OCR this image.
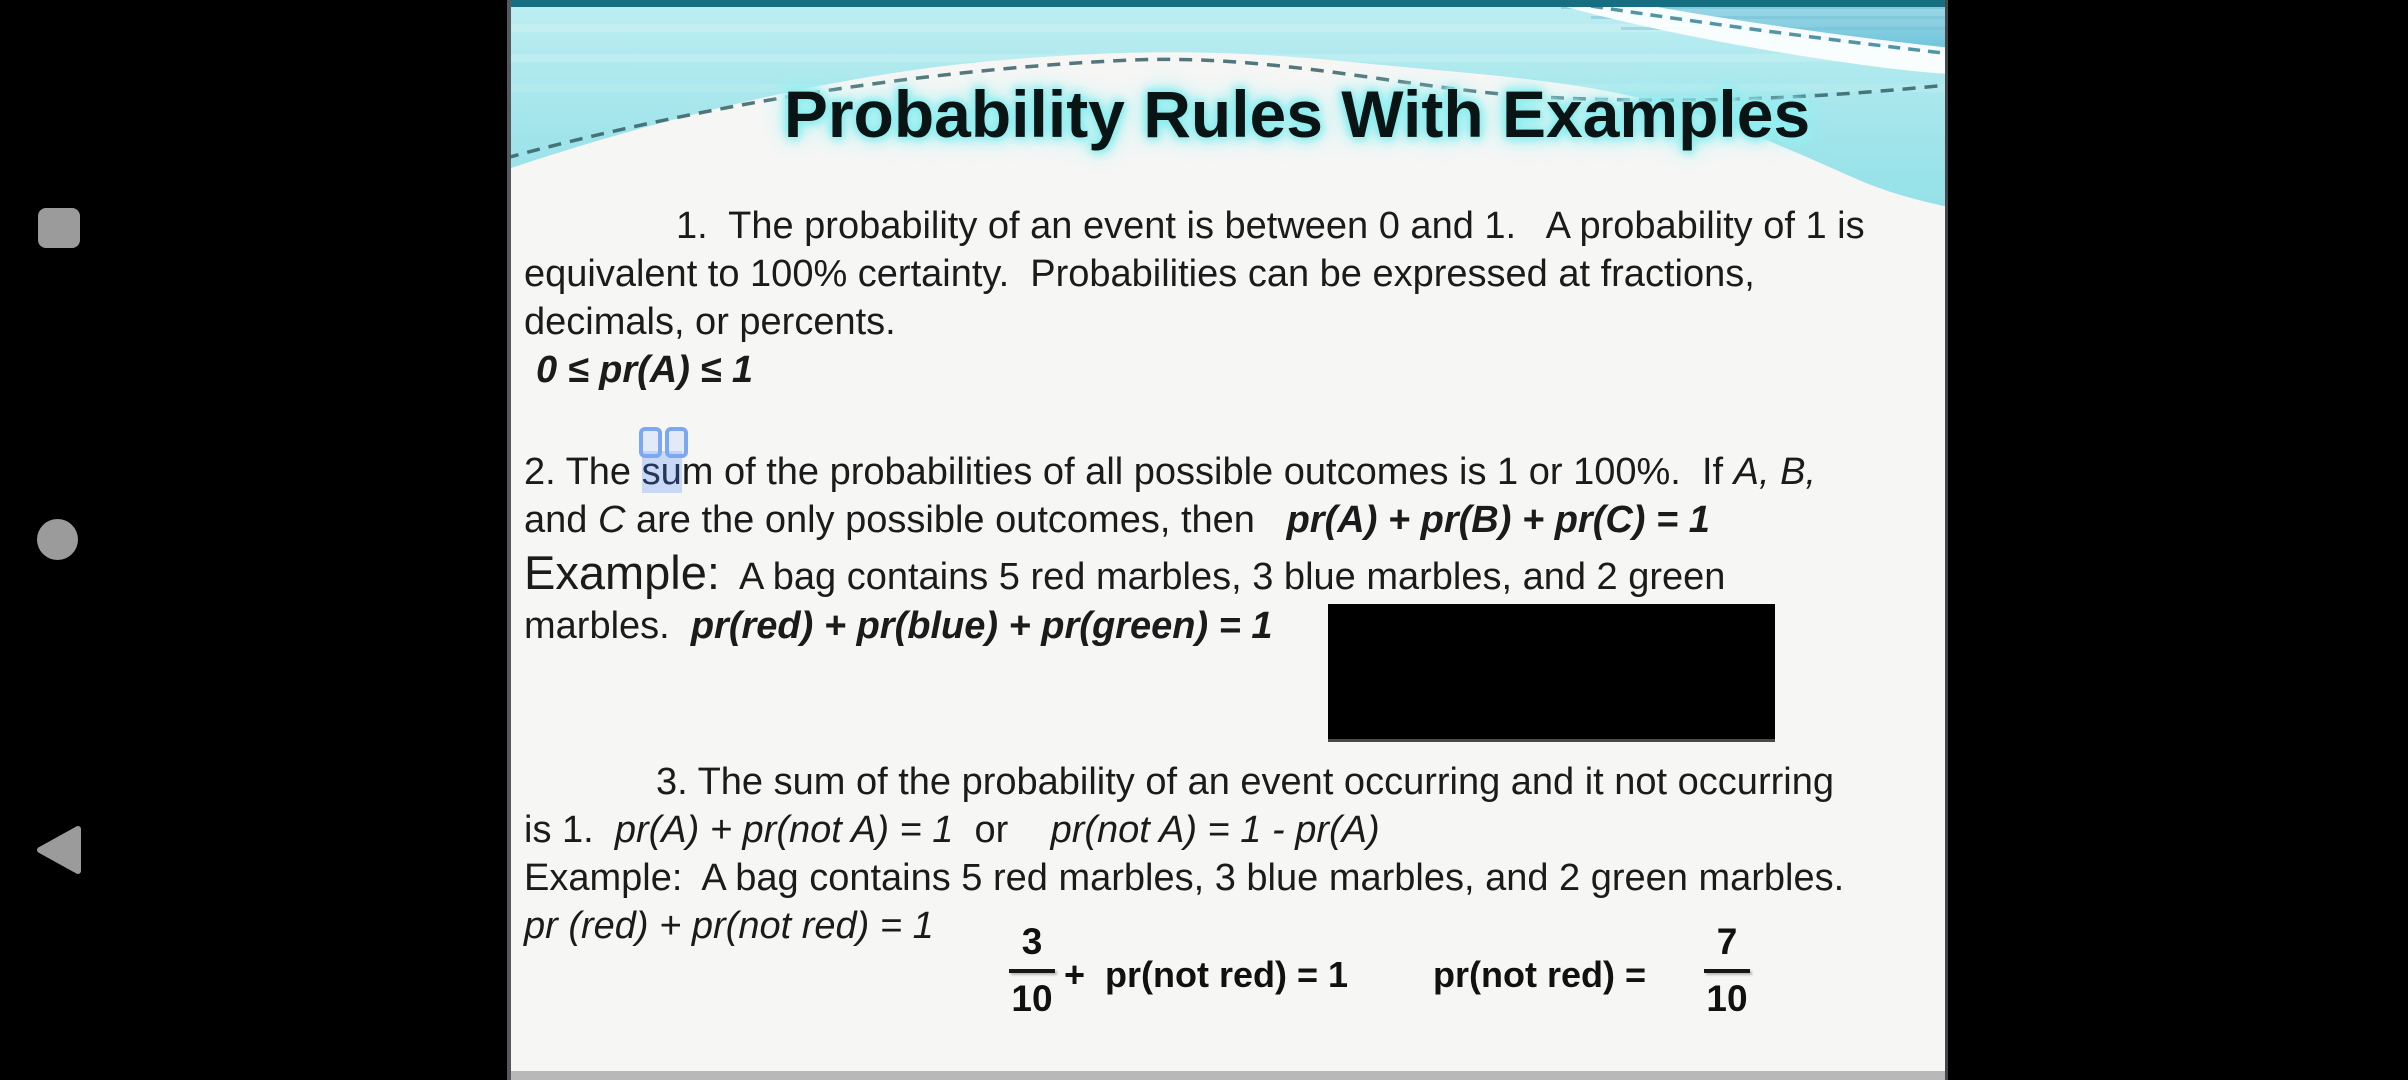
Probability Rules With Examples
1.  The probability of an event is between 0 and 1.   A probability of 1 is
equivalent to 100% certainty.  Probabilities can be expressed at fractions,
decimals, or percents.
0 ≤ pr(A) ≤ 1
2. The sum of the probabilities of all possible outcomes is 1 or 100%.  If A, B,
and C are the only possible outcomes, then   pr(A) + pr(B) + pr(C) = 1
Example:  A bag contains 5 red marbles, 3 blue marbles, and 2 green
marbles.  pr(red) + pr(blue) + pr(green) = 1
3. The sum of the probability of an event occurring and it not occurring
is 1.  pr(A) + pr(not A) = 1  or    pr(not A) = 1 - pr(A)
Example:  A bag contains 5 red marbles, 3 blue marbles, and 2 green marbles.
pr (red) + pr(not red) = 1	3
10
+  pr(not red) = 1 pr(not red) =
7
10
